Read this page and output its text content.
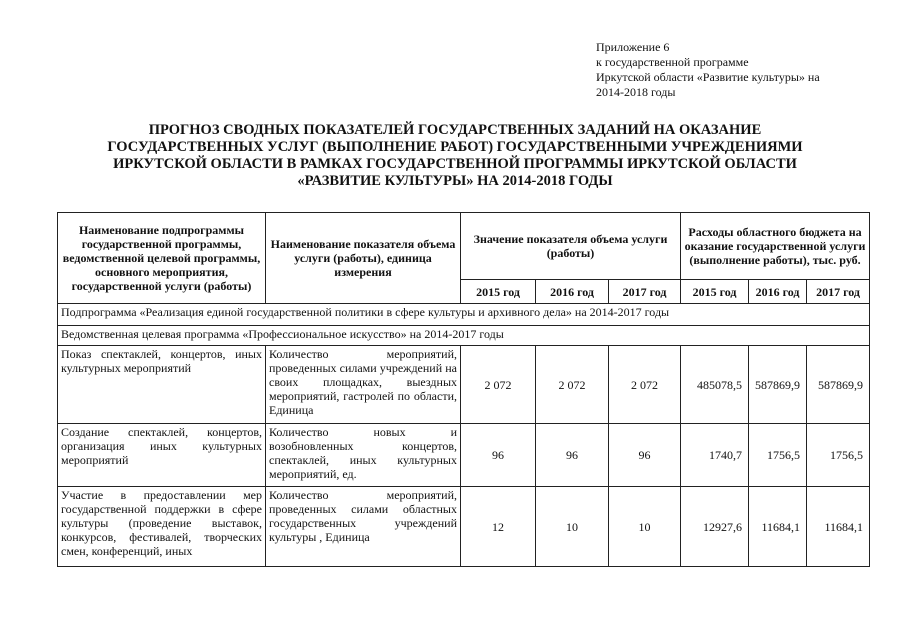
Приложение 6
к государственной программе
Иркутской области «Развитие культуры» на
2014-2018 годы
ПРОГНОЗ СВОДНЫХ ПОКАЗАТЕЛЕЙ ГОСУДАРСТВЕННЫХ ЗАДАНИЙ НА ОКАЗАНИЕ
ГОСУДАРСТВЕННЫХ УСЛУГ (ВЫПОЛНЕНИЕ РАБОТ) ГОСУДАРСТВЕННЫМИ УЧРЕЖДЕНИЯМИ
ИРКУТСКОЙ ОБЛАСТИ В РАМКАХ ГОСУДАРСТВЕННОЙ ПРОГРАММЫ ИРКУТСКОЙ ОБЛАСТИ
«РАЗВИТИЕ КУЛЬТУРЫ» НА 2014-2018 ГОДЫ
Наименование подпрограммы государственной программы, ведомственной целевой программы, основного мероприятия, государственной услуги (работы)	Наименование показателя объема услуги (работы), единица измерения	Значение показателя объема услуги (работы)			Расходы областного бюджета на оказание государственной услуги (выполнение работы), тыс. руб.		
		2015 год	2016 год	2017 год	2015 год	2016 год	2017 год
Подпрограмма «Реализация единой государственной политики в сфере культуры и архивного дела» на 2014-2017 годы							
Ведомственная целевая программа «Профессиональное искусство» на 2014-2017 годы							
Показ спектаклей, концертов, иных культурных мероприятий	Количество мероприятий, проведенных силами учреждений на своих площадках, выездных мероприятий, гастролей по области, Единица	2 072	2 072	2 072	485078,5	587869,9	587869,9
Создание спектаклей, концертов, организация иных культурных мероприятий	Количество новых и возобновленных концертов, спектаклей, иных культурных мероприятий, ед.	96	96	96	1740,7	1756,5	1756,5
Участие в предоставлении мер государственной поддержки в сфере культуры (проведение выставок, конкурсов, фестивалей, творческих смен, конференций, иных	Количество мероприятий, проведенных силами областных государственных учреждений культуры , Единица	12	10	10	12927,6	11684,1	11684,1
